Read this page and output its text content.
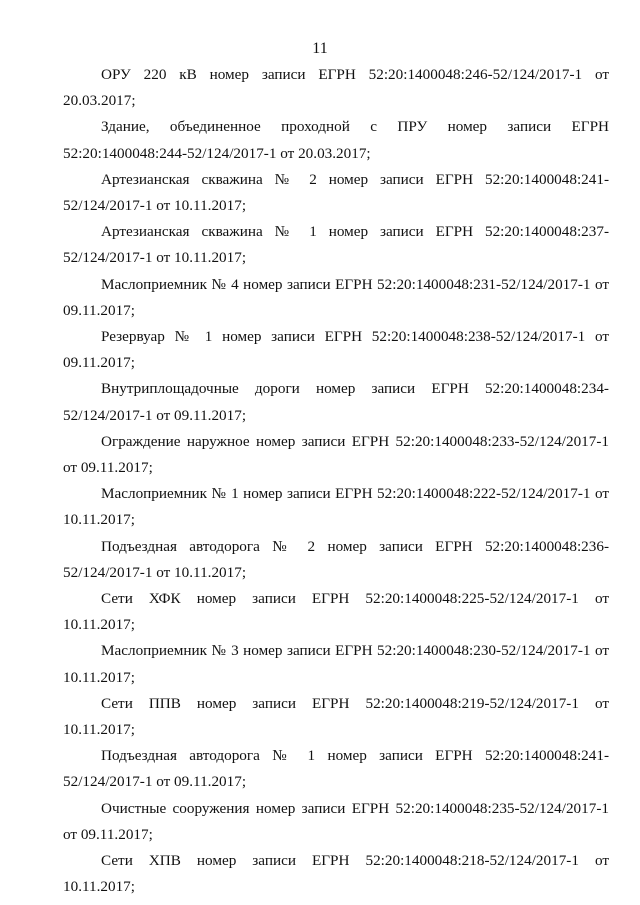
11

ОРУ 220 кВ номер записи ЕГРН 52:20:1400048:246-52/124/2017-1 от 20.03.2017;

Здание, объединенное проходной с ПРУ номер записи ЕГРН 52:20:1400048:244-52/124/2017-1 от 20.03.2017;

Артезианская скважина № 2 номер записи ЕГРН 52:20:1400048:241-52/124/2017-1 от 10.11.2017;

Артезианская скважина № 1 номер записи ЕГРН 52:20:1400048:237-52/124/2017-1 от 10.11.2017;

Маслоприемник № 4 номер записи ЕГРН 52:20:1400048:231-52/124/2017-1 от 09.11.2017;

Резервуар № 1 номер записи ЕГРН 52:20:1400048:238-52/124/2017-1 от 09.11.2017;

Внутриплощадочные дороги номер записи ЕГРН 52:20:1400048:234-52/124/2017-1 от 09.11.2017;

Ограждение наружное номер записи ЕГРН 52:20:1400048:233-52/124/2017-1 от 09.11.2017;

Маслоприемник № 1 номер записи ЕГРН 52:20:1400048:222-52/124/2017-1 от 10.11.2017;

Подъездная автодорога № 2 номер записи ЕГРН 52:20:1400048:236-52/124/2017-1 от 10.11.2017;

Сети ХФК номер записи ЕГРН 52:20:1400048:225-52/124/2017-1 от 10.11.2017;

Маслоприемник № 3 номер записи ЕГРН 52:20:1400048:230-52/124/2017-1 от 10.11.2017;

Сети ППВ номер записи ЕГРН 52:20:1400048:219-52/124/2017-1 от 10.11.2017;

Подъездная автодорога № 1 номер записи ЕГРН 52:20:1400048:241-52/124/2017-1 от 09.11.2017;

Очистные сооружения номер записи ЕГРН 52:20:1400048:235-52/124/2017-1 от 09.11.2017;

Сети ХПВ номер записи ЕГРН 52:20:1400048:218-52/124/2017-1 от 10.11.2017;
